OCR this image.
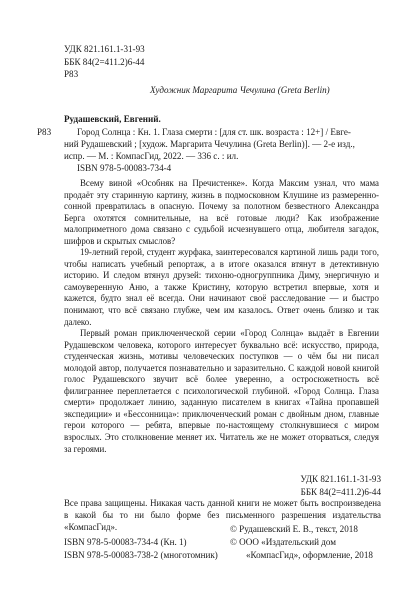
УДК 821.161.1-31-93
ББК 84(2=411.2)6-44
Р83
Художник Маргарита Чечулина (Greta Berlin)
Рудашевский, Евгений.
Р83	Город Солнца : Кн. 1. Глаза смерти : [для ст. шк. возраста : 12+] / Евге-
ний Рудашевский ; [худож. Маргарита Чечулина (Greta Berlin)]. — 2-е изд.,
испр. — М. : КомпасГид, 2022. — 336 с. : ил.
ISBN 978-5-00083-734-4

Всему виной «Особняк на Пречистенке». Когда Максим узнал, что мама продаёт эту старинную картину, жизнь в подмосковном Клушине из размеренно-сонной превратилась в опасную. Почему за полотном безвестного Александра Берга охотятся сомнительные, на всё готовые люди? Как изображение малоприметного дома связано с судьбой исчезнувшего отца, любителя загадок, шифров и скрытых смыслов?

19-летний герой, студент журфака, заинтересовался картиной лишь ради того, чтобы написать учебный репортаж, а в итоге оказался втянут в детективную историю. И следом втянул друзей: тихоню-одногруппника Диму, энергичную и самоуверенную Аню, а также Кристину, которую встретил впервые, хотя и кажется, будто знал её всегда. Они начинают своё расследование — и быстро понимают, что всё связано глубже, чем им казалось. Ответ очень близко и так далеко.

Первый роман приключенческой серии «Город Солнца» выдаёт в Евгении Рудашевском человека, которого интересует буквально всё: искусство, природа, студенческая жизнь, мотивы человеческих поступков — о чём бы ни писал молодой автор, получается познавательно и заразительно. С каждой новой книгой голос Рудашевского звучит всё более уверенно, а остросюжетность всё филиграннее переплетается с психологической глубиной. «Город Солнца. Глаза смерти» продолжает линию, заданную писателем в книгах «Тайна пропавшей экспедиции» и «Бессонница»: приключенческий роман с двойным дном, главные герои которого — ребята, впервые по-настоящему столкнувшиеся с миром взрослых. Это столкновение меняет их. Читатель же не может оторваться, следуя за героями.

УДК 821.161.1-31-93
ББК 84(2=411.2)6-44

Все права защищены. Никакая часть данной книги не может быть воспроизведена в какой бы то ни было форме без письменного разрешения издательства «КомпасГид».

ISBN 978-5-00083-734-4 (Кн. 1)
ISBN 978-5-00083-738-2 (многотомник)
© Рудашевский Е. В., текст, 2018
© ООО «Издательский дом
«КомпасГид», оформление, 2018
